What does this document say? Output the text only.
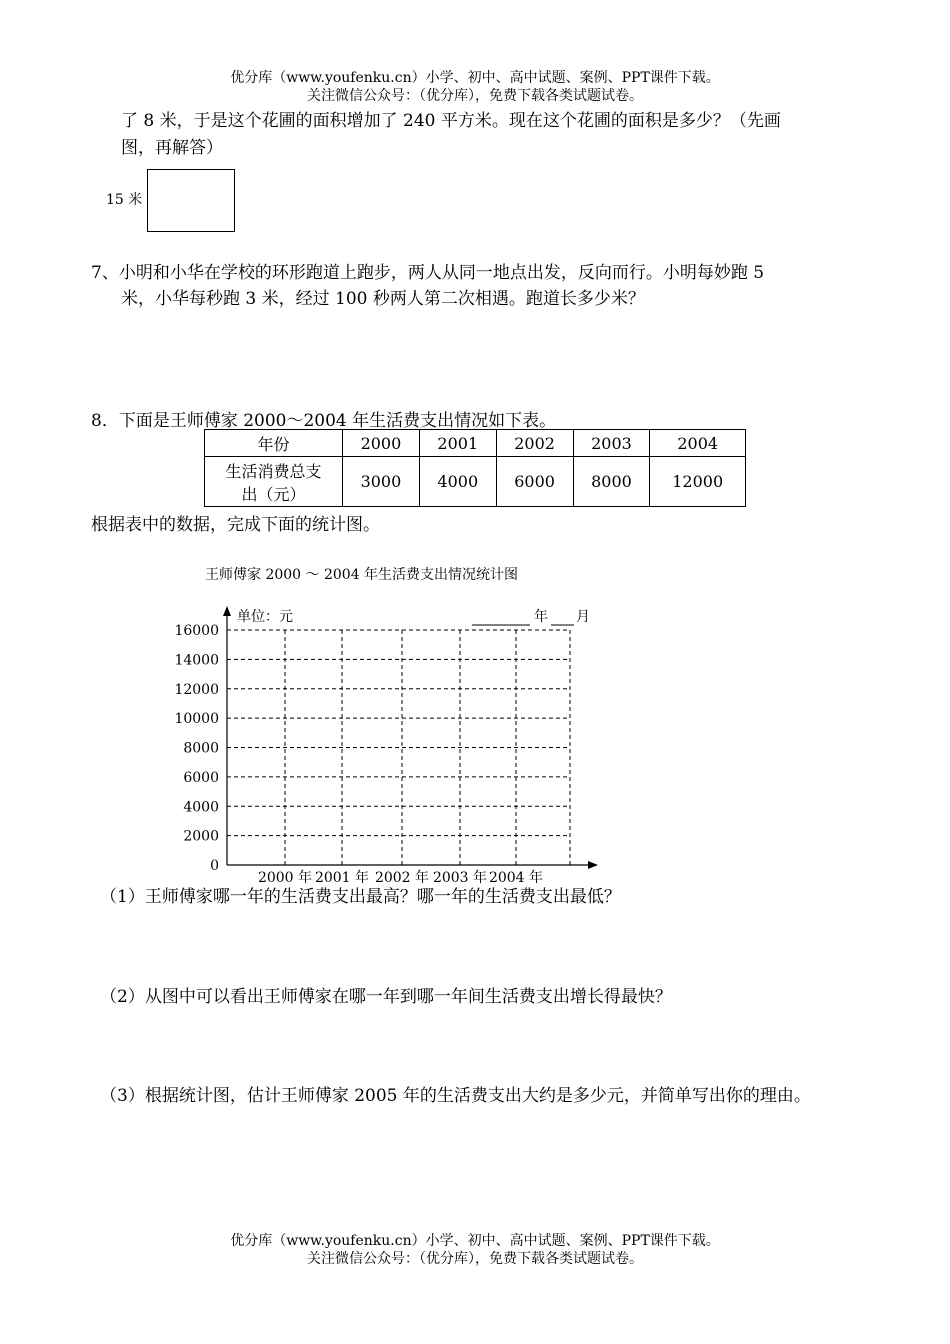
优分库（www.youfenku.cn）小学、初中、高中试题、案例、PPT课件下载。
关注微信公众号：（优分库），免费下载各类试题试卷。
了 8 米，于是这个花圃的面积增加了 240 平方米。现在这个花圃的面积是多少？（先画
图，再解答）
15 米
7、小明和小华在学校的环形跑道上跑步，两人从同一地点出发，反向而行。小明每妙跑 5
米，小华每秒跑 3 米，经过 100 秒两人第二次相遇。跑道长多少米？
8．下面是王师傅家 2000～2004 年生活费支出情况如下表。
年份	2000	2001	2002	2003	2004

生活消费总支
出（元）	3000	4000	6000	8000	12000
根据表中的数据，完成下面的统计图。
王师傅家 2000 ～ 2004 年生活费支出情况统计图
单位：元	年 月
0
2000
4000
6000
8000
10000
12000
14000
16000
2000 年 2001 年 2002 年 2003 年 2004 年
（1）王师傅家哪一年的生活费支出最高？哪一年的生活费支出最低？
（2）从图中可以看出王师傅家在哪一年到哪一年间生活费支出增长得最快？
（3）根据统计图，估计王师傅家 2005 年的生活费支出大约是多少元，并简单写出你的理由。
优分库（www.youfenku.cn）小学、初中、高中试题、案例、PPT课件下载。
关注微信公众号：（优分库），免费下载各类试题试卷。
